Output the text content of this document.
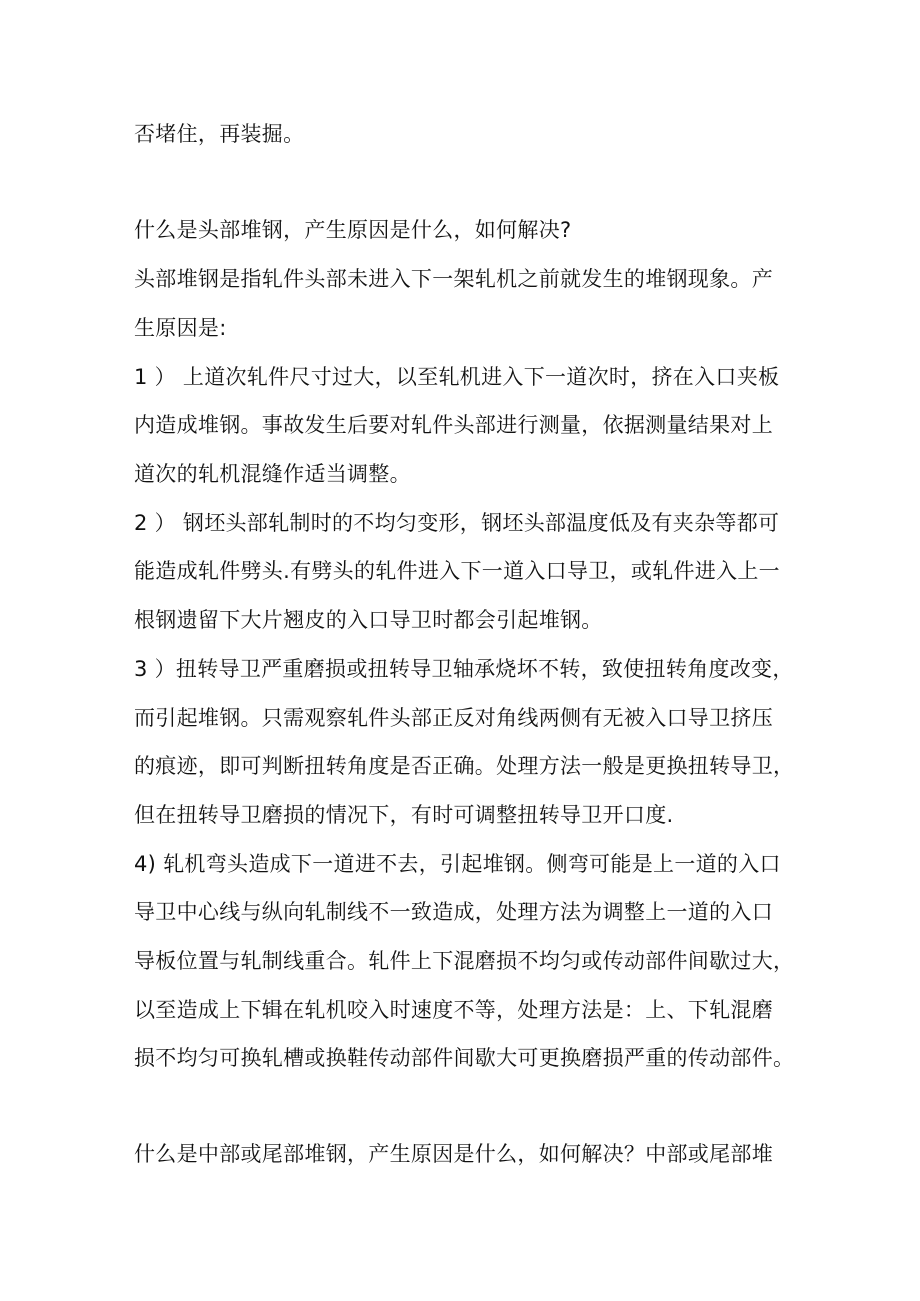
否堵住，再装掘。
什么是头部堆钢，产生原因是什么，如何解决?
头部堆钢是指轧件头部未进入下一架轧机之前就发生的堆钢现象。产
生原因是:
1 ） 上道次轧件尺寸过大，以至轧机进入下一道次时，挤在入口夹板
内造成堆钢。事故发生后要对轧件头部进行测量，依据测量结果对上
道次的轧机混缝作适当调整。
2 ） 钢坯头部轧制时的不均匀变形，钢坯头部温度低及有夹杂等都可
能造成轧件劈头.有劈头的轧件进入下一道入口导卫，或轧件进入上一
根钢遗留下大片翘皮的入口导卫时都会引起堆钢。
3 ）扭转导卫严重磨损或扭转导卫轴承烧坏不转，致使扭转角度改变，
而引起堆钢。只需观察轧件头部正反对角线两侧有无被入口导卫挤压
的痕迹，即可判断扭转角度是否正确。处理方法一般是更换扭转导卫，
但在扭转导卫磨损的情况下，有时可调整扭转导卫开口度.
4) 轧机弯头造成下一道进不去，引起堆钢。侧弯可能是上一道的入口
导卫中心线与纵向轧制线不一致造成，处理方法为调整上一道的入口
导板位置与轧制线重合。轧件上下混磨损不均匀或传动部件间歇过大，
以至造成上下辑在轧机咬入时速度不等，处理方法是：上、下轧混磨
损不均匀可换轧槽或换鞋传动部件间歇大可更换磨损严重的传动部件。
什么是中部或尾部堆钢，产生原因是什么，如何解决？中部或尾部堆
